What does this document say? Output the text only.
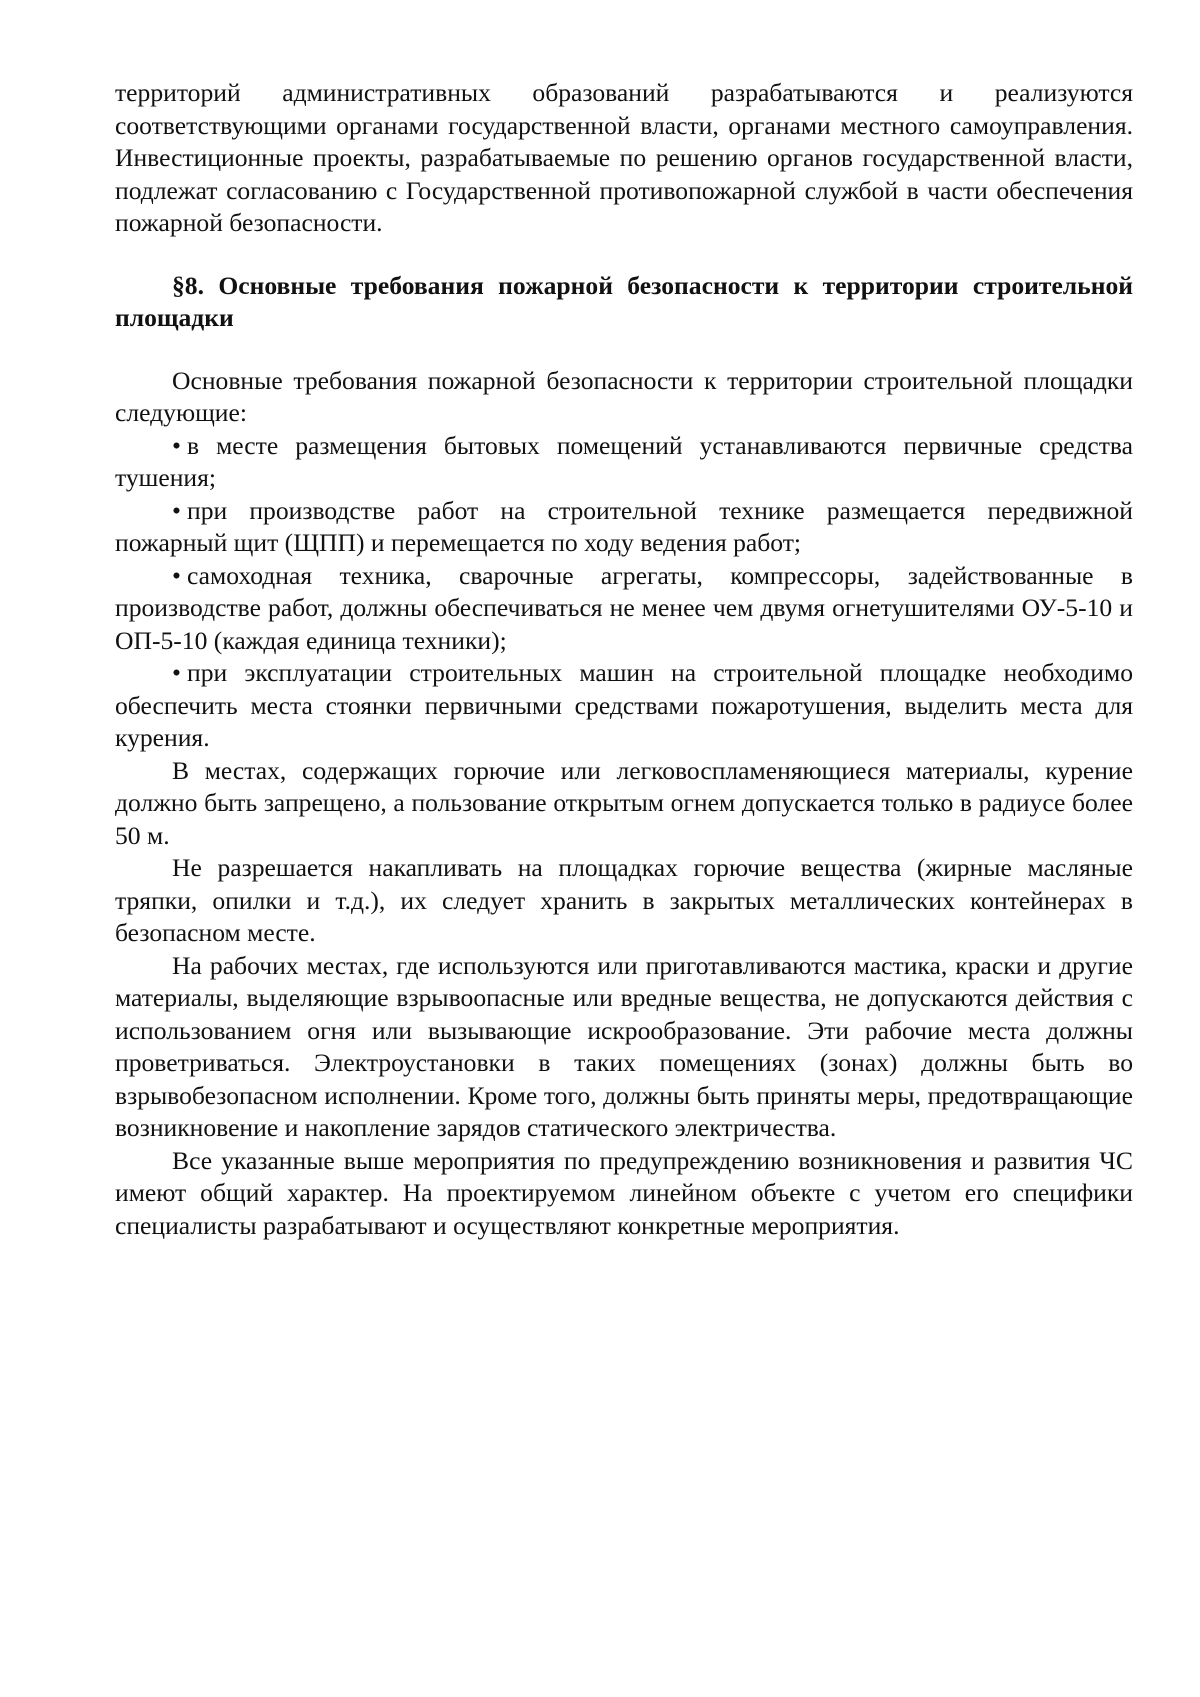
территорий административных образований разрабатываются и реализуются соответствующими органами государственной власти, органами местного самоуправления. Инвестиционные проекты, разрабатываемые по решению органов государственной власти, подлежат согласованию с Государственной противопожарной службой в части обеспечения пожарной безопасности.

§8. Основные требования пожарной безопасности к территории строительной площадки

Основные требования пожарной безопасности к территории строительной площадки следующие:

• в месте размещения бытовых помещений устанавливаются первичные средства тушения;

• при производстве работ на строительной технике размещается передвижной пожарный щит (ЩПП) и перемещается по ходу ведения работ;

• самоходная техника, сварочные агрегаты, компрессоры, задействованные в производстве работ, должны обеспечиваться не менее чем двумя огнетушителями ОУ-5-10 и ОП-5-10 (каждая единица техники);

• при эксплуатации строительных машин на строительной площадке необходимо обеспечить места стоянки первичными средствами пожаротушения, выделить места для курения.

В местах, содержащих горючие или легковоспламеняющиеся материалы, курение должно быть запрещено, а пользование открытым огнем допускается только в радиусе более 50 м.

Не разрешается накапливать на площадках горючие вещества (жирные масляные тряпки, опилки и т.д.), их следует хранить в закрытых металлических контейнерах в безопасном месте.

На рабочих местах, где используются или приготавливаются мастика, краски и другие материалы, выделяющие взрывоопасные или вредные вещества, не допускаются действия с использованием огня или вызывающие искрообразование. Эти рабочие места должны проветриваться. Электроустановки в таких помещениях (зонах) должны быть во взрывобезопасном исполнении. Кроме того, должны быть приняты меры, предотвращающие возникновение и накопление зарядов статического электричества.

Все указанные выше мероприятия по предупреждению возникновения и развития ЧС имеют общий характер. На проектируемом линейном объекте с учетом его специфики специалисты разрабатывают и осуществляют конкретные мероприятия.
